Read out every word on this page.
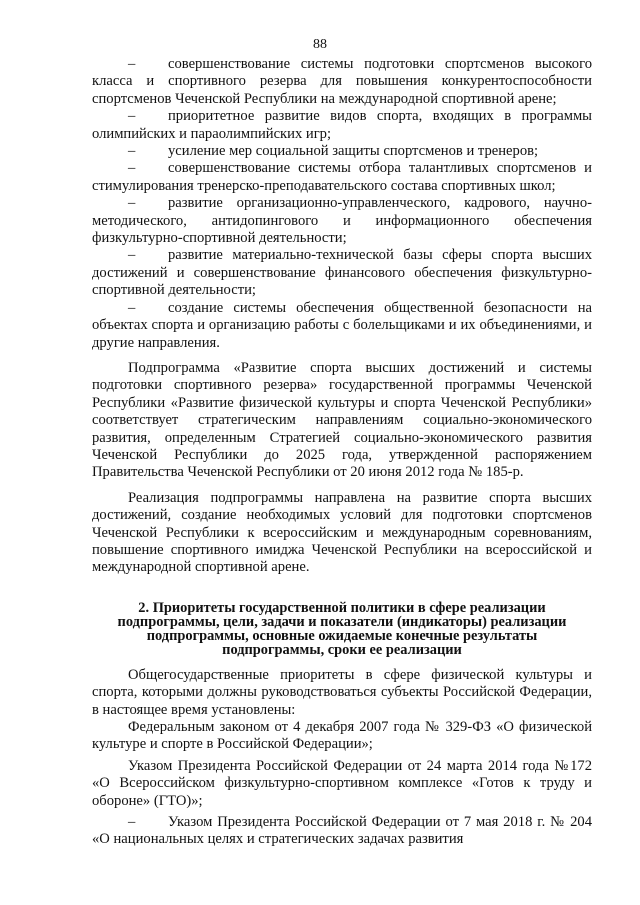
88

– совершенствование системы подготовки спортсменов высокого класса и спортивного резерва для повышения конкурентоспособности спортсменов Чеченской Республики на международной спортивной арене;

– приоритетное развитие видов спорта, входящих в программы олимпийских и параолимпийских игр;

– усиление мер социальной защиты спортсменов и тренеров;

– совершенствование системы отбора талантливых спортсменов и стимулирования тренерско-преподавательского состава спортивных школ;

– развитие организационно-управленческого, кадрового, научно-методического, антидопингового и информационного обеспечения физкультурно-спортивной деятельности;

– развитие материально-технической базы сферы спорта высших достижений и совершенствование финансового обеспечения физкультурно-спортивной деятельности;

– создание системы обеспечения общественной безопасности на объектах спорта и организацию работы с болельщиками и их объединениями, и другие направления.

Подпрограмма «Развитие спорта высших достижений и системы подготовки спортивного резерва» государственной программы Чеченской Республики «Развитие физической культуры и спорта Чеченской Республики» соответствует стратегическим направлениям социально-экономического развития, определенным Стратегией социально-экономического развития Чеченской Республики до 2025 года, утвержденной распоряжением Правительства Чеченской Республики от 20 июня 2012 года № 185-р.

Реализация подпрограммы направлена на развитие спорта высших достижений, создание необходимых условий для подготовки спортсменов Чеченской Республики к всероссийским и международным соревнованиям, повышение спортивного имиджа Чеченской Республики на всероссийской и международной спортивной арене.

2. Приоритеты государственной политики в сфере реализации

подпрограммы, цели, задачи и показатели (индикаторы) реализации

подпрограммы, основные ожидаемые конечные результаты

подпрограммы, сроки ее реализации

Общегосударственные приоритеты в сфере физической культуры и спорта, которыми должны руководствоваться субъекты Российской Федерации, в настоящее время установлены:

Федеральным законом от 4 декабря 2007 года № 329-ФЗ «О физической культуре и спорте в Российской Федерации»;

Указом Президента Российской Федерации от 24 марта 2014 года №172 «О Всероссийском физкультурно-спортивном комплексе «Готов к труду и обороне» (ГТО)»;

– Указом Президента Российской Федерации от 7 мая 2018 г. № 204 «О национальных целях и стратегических задачах развития
